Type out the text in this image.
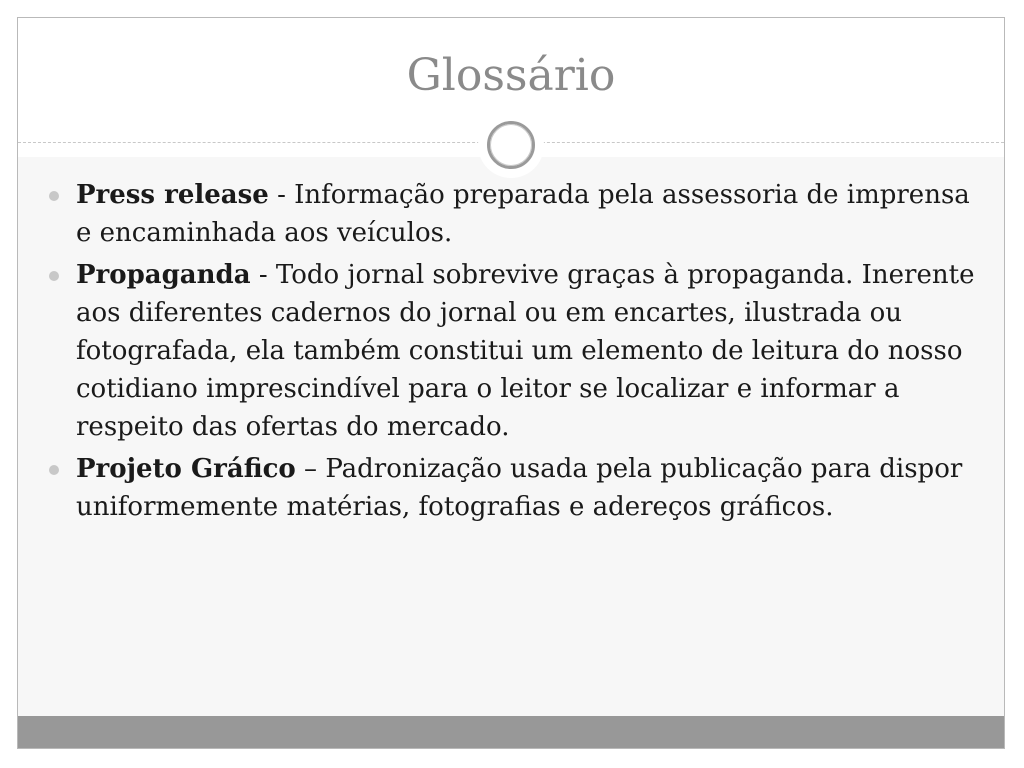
Glossário
Press release - Informação preparada pela assessoria de imprensa e encaminhada aos veículos.
Propaganda - Todo jornal sobrevive graças à propaganda. Inerente aos diferentes cadernos do jornal ou em encartes, ilustrada ou fotografada, ela também constitui um elemento de leitura do nosso cotidiano imprescindível para o leitor se localizar e informar a respeito das ofertas do mercado.
Projeto Gráfico – Padronização usada pela publicação para dispor uniformemente matérias, fotografias e adereços gráficos.
